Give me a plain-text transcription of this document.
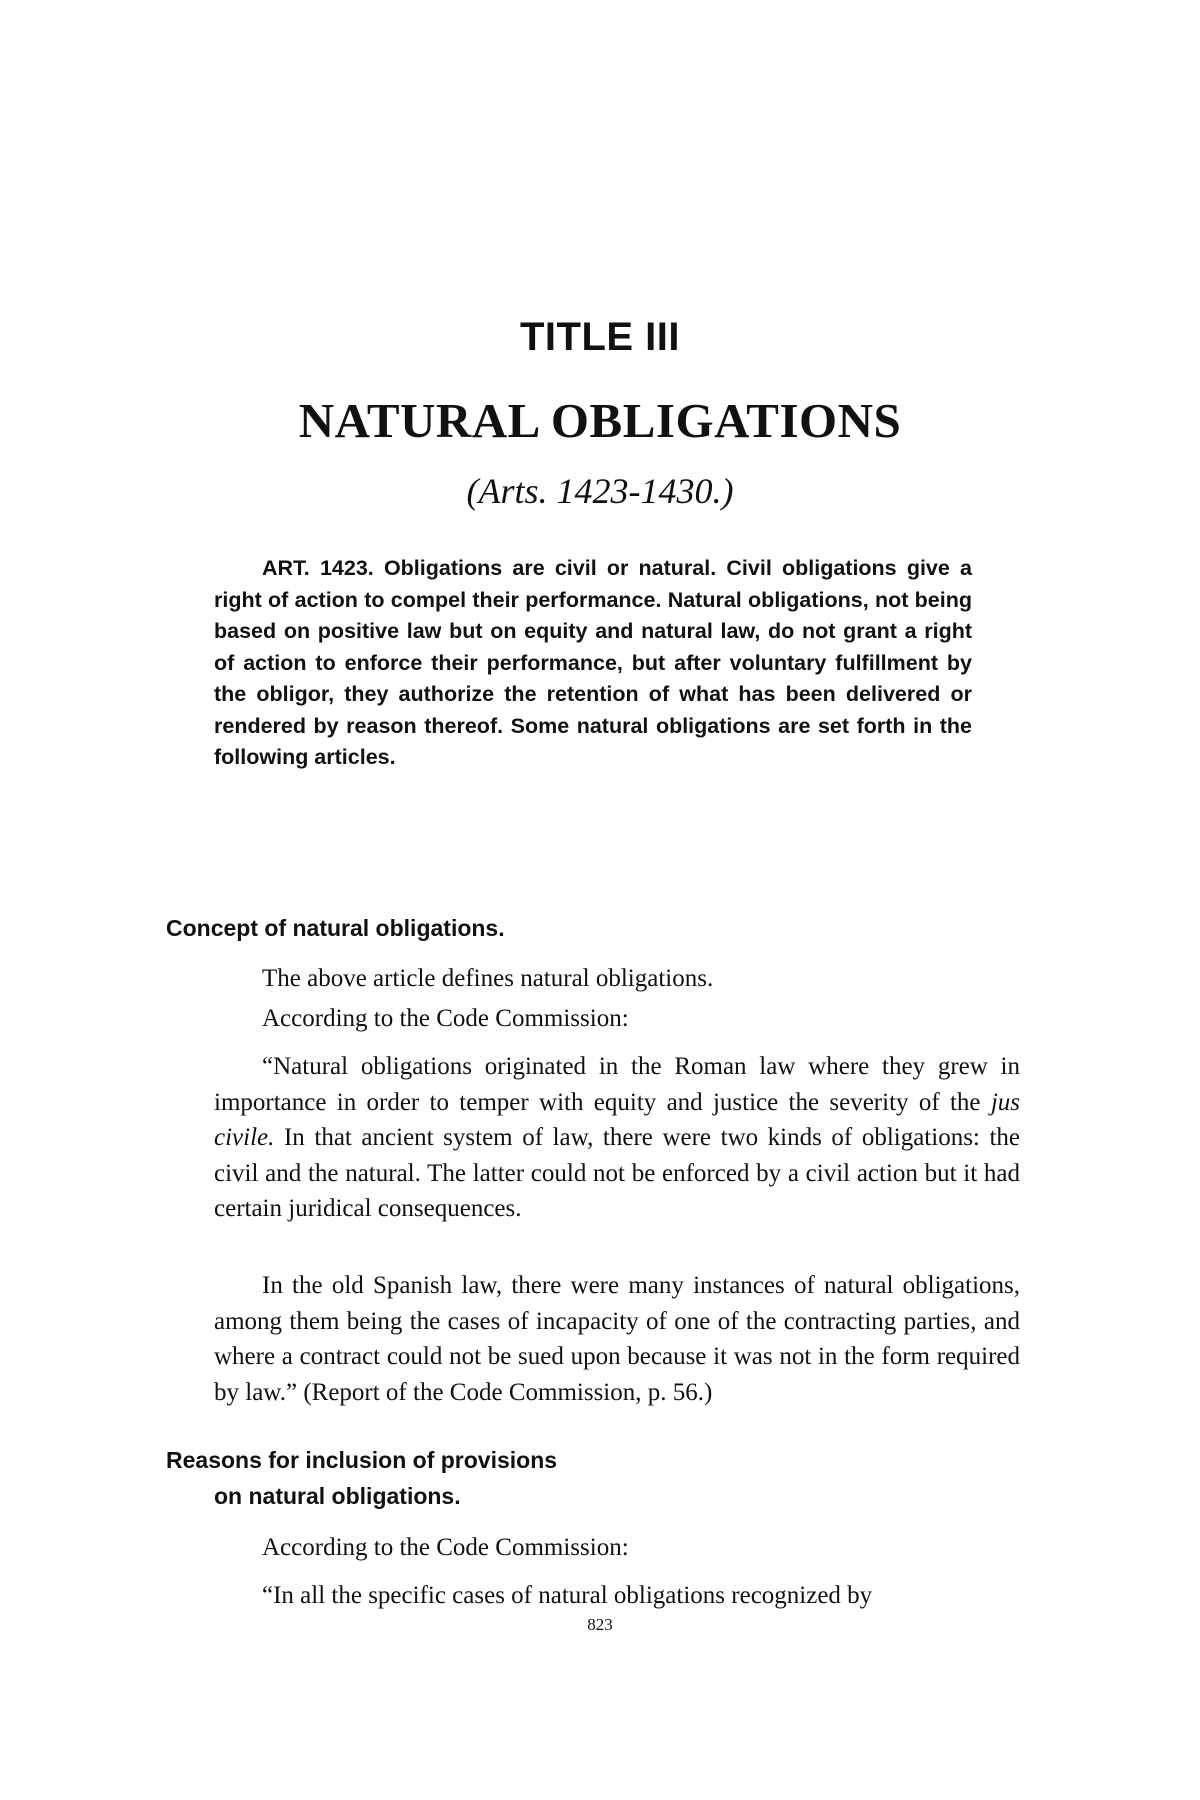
TITLE III
NATURAL OBLIGATIONS
(Arts. 1423-1430.)

ART. 1423. Obligations are civil or natural. Civil obligations give a right of action to compel their performance. Natural obligations, not being based on positive law but on equity and natural law, do not grant a right of action to enforce their performance, but after voluntary fulfillment by the obligor, they authorize the retention of what has been delivered or rendered by reason thereof. Some natural obligations are set forth in the following articles.

Concept of natural obligations.

The above article defines natural obligations.

According to the Code Commission:

“Natural obligations originated in the Roman law where they grew in importance in order to temper with equity and justice the severity of the jus civile. In that ancient system of law, there were two kinds of obligations: the civil and the natural. The latter could not be enforced by a civil action but it had certain juridical consequences.

In the old Spanish law, there were many instances of natural obligations, among them being the cases of incapacity of one of the contracting parties, and where a contract could not be sued upon because it was not in the form required by law.” (Report of the Code Commission, p. 56.)

Reasons for inclusion of provisions
on natural obligations.

According to the Code Commission:

“In all the specific cases of natural obligations recognized by

823
